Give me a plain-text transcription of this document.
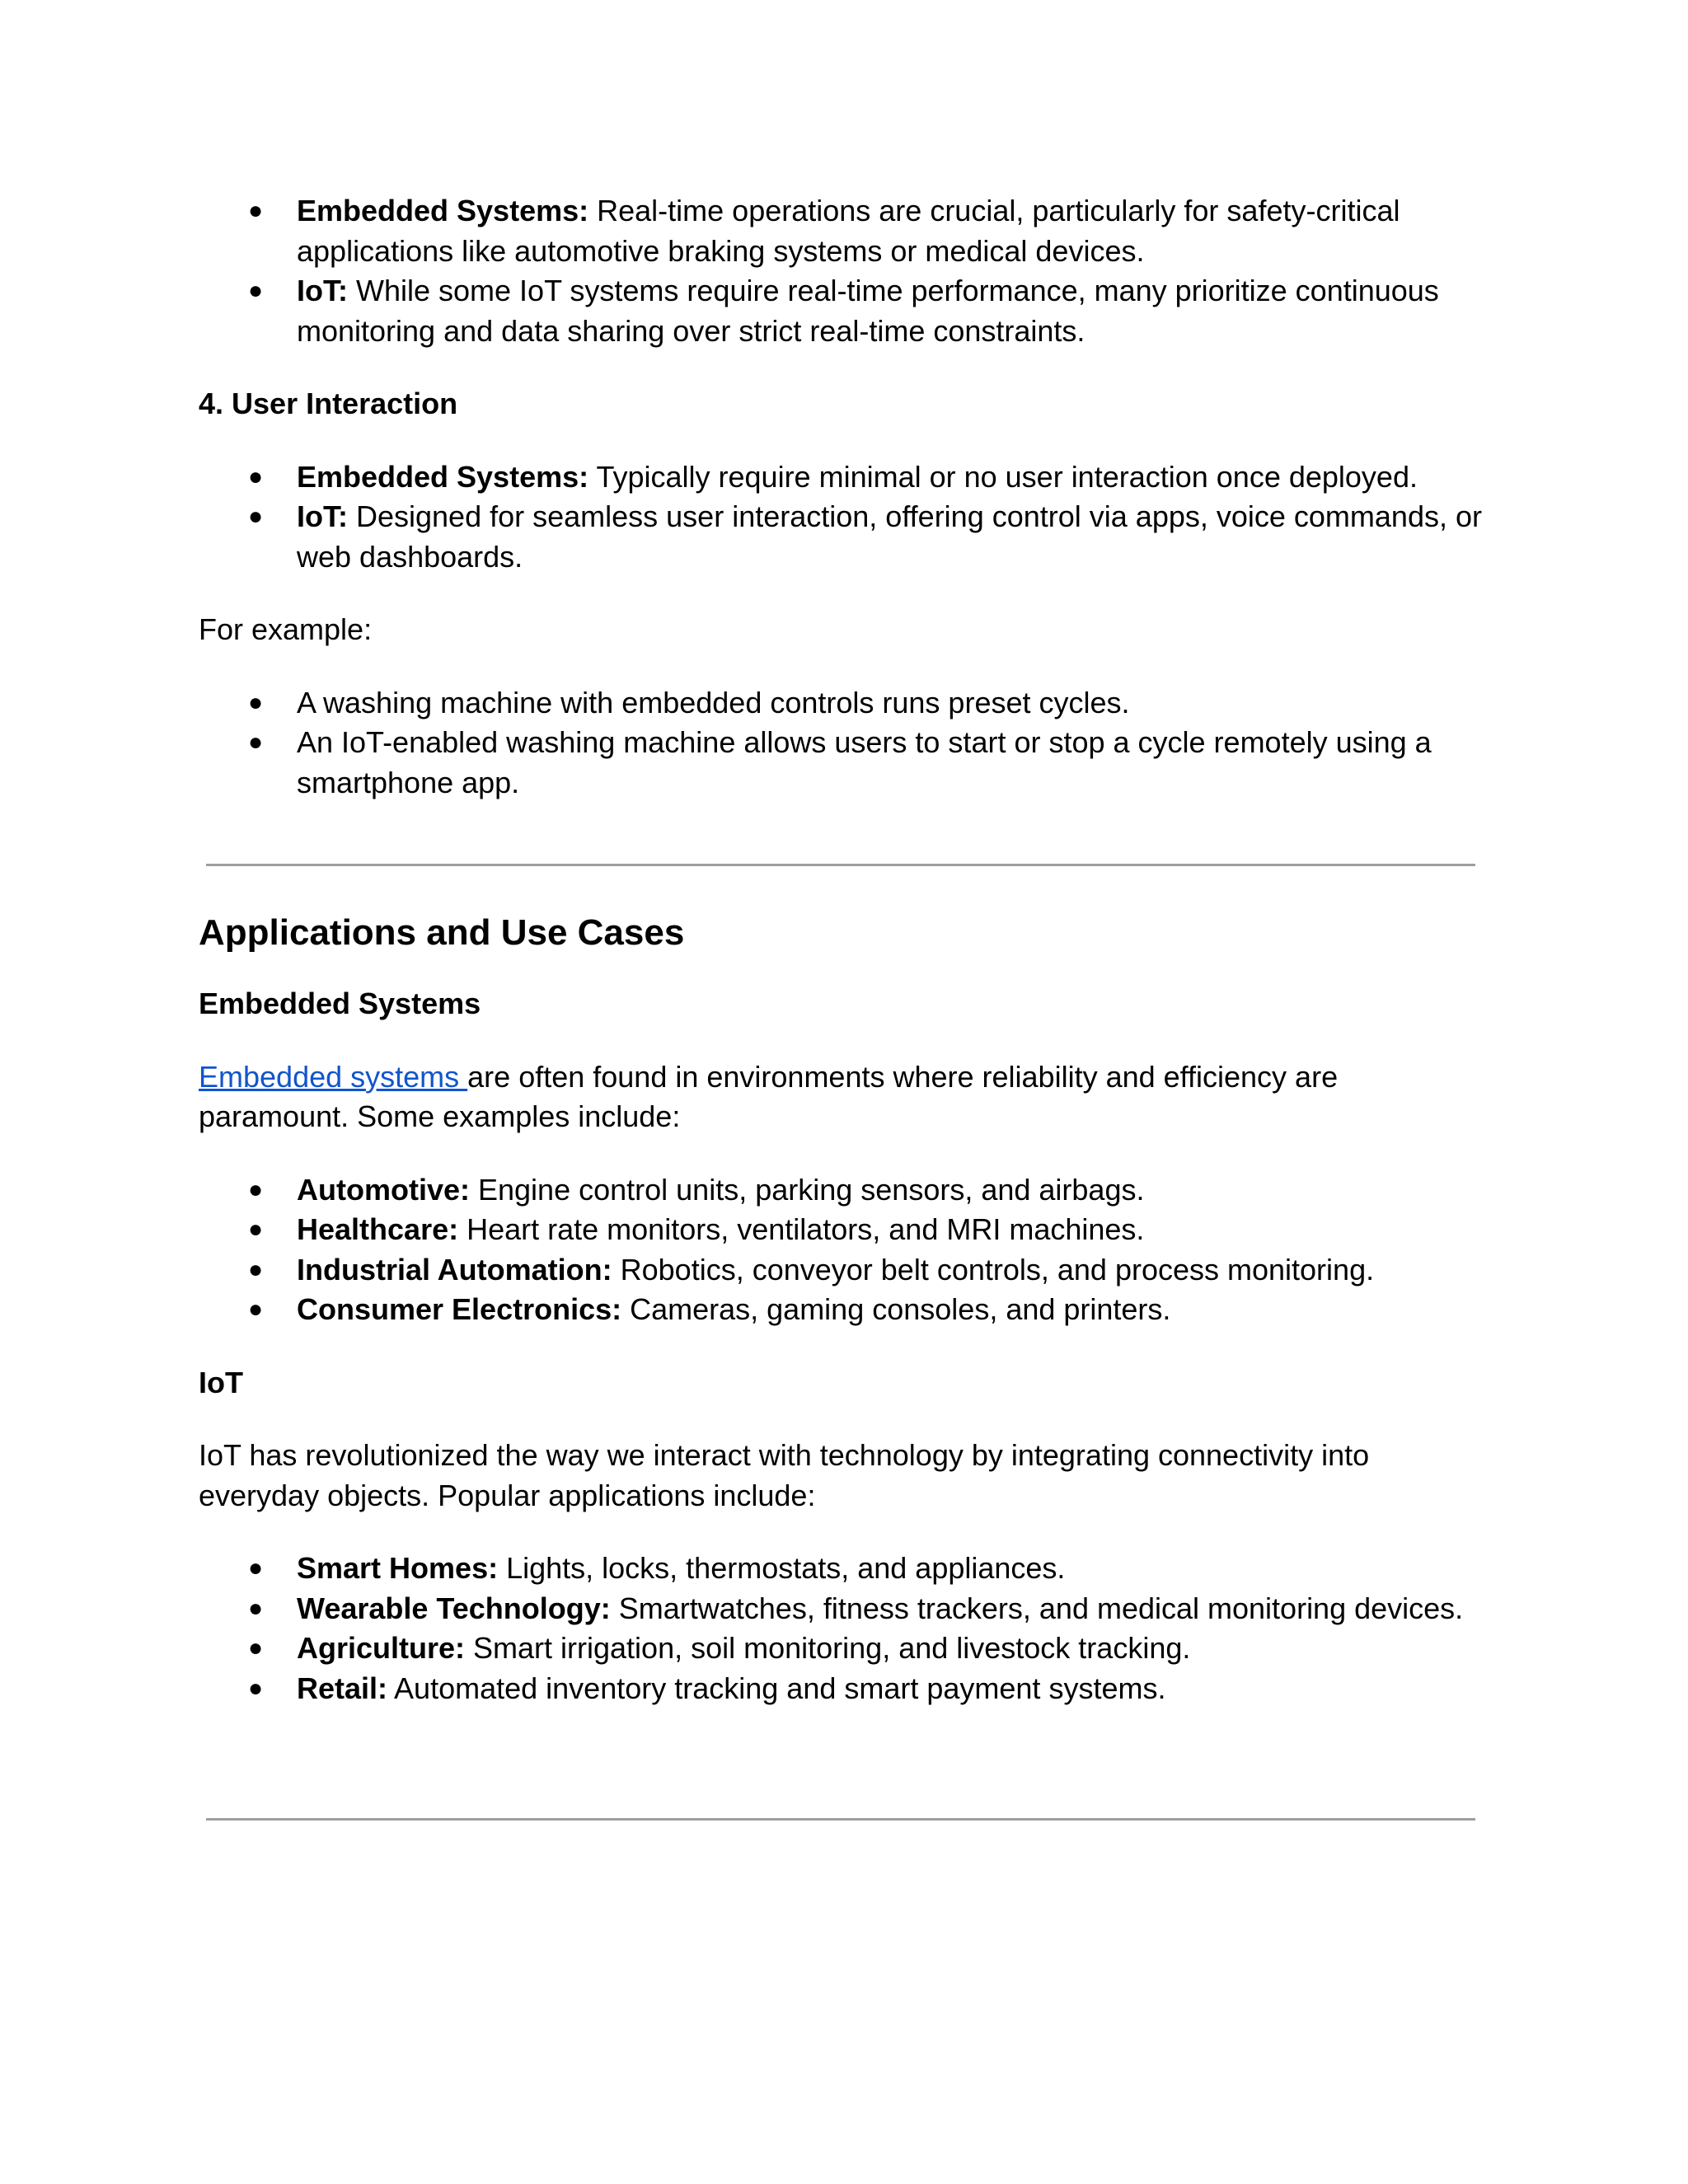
● Embedded Systems: Real-time operations are crucial, particularly for safety-critical applications like automotive braking systems or medical devices.
● IoT: While some IoT systems require real-time performance, many prioritize continuous monitoring and data sharing over strict real-time constraints.

4. User Interaction

● Embedded Systems: Typically require minimal or no user interaction once deployed.
● IoT: Designed for seamless user interaction, offering control via apps, voice commands, or web dashboards.

For example:

● A washing machine with embedded controls runs preset cycles.
● An IoT-enabled washing machine allows users to start or stop a cycle remotely using a smartphone app.

Applications and Use Cases

Embedded Systems

Embedded systems are often found in environments where reliability and efficiency are paramount. Some examples include:

● Automotive: Engine control units, parking sensors, and airbags.
● Healthcare: Heart rate monitors, ventilators, and MRI machines.
● Industrial Automation: Robotics, conveyor belt controls, and process monitoring.
● Consumer Electronics: Cameras, gaming consoles, and printers.

IoT

IoT has revolutionized the way we interact with technology by integrating connectivity into everyday objects. Popular applications include:

● Smart Homes: Lights, locks, thermostats, and appliances.
● Wearable Technology: Smartwatches, fitness trackers, and medical monitoring devices.
● Agriculture: Smart irrigation, soil monitoring, and livestock tracking.
● Retail: Automated inventory tracking and smart payment systems.
